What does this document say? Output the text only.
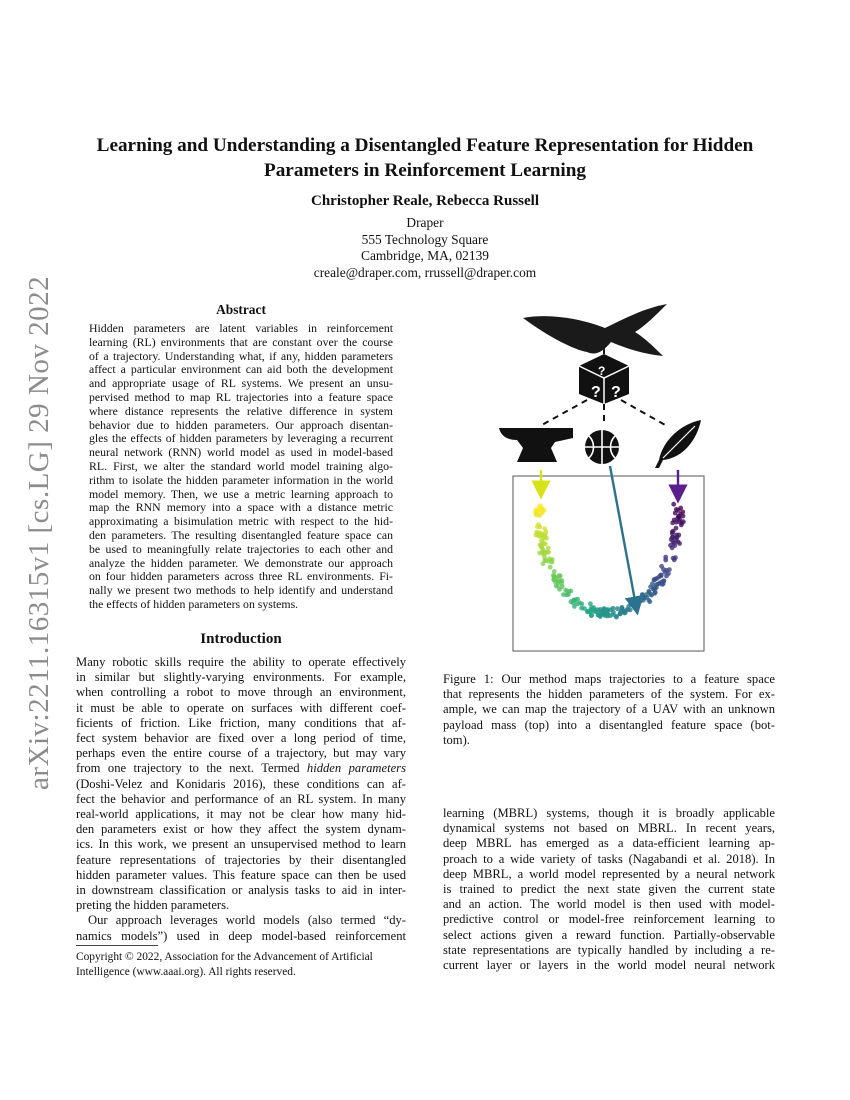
arXiv:2211.16315v1 [cs.LG] 29 Nov 2022
Learning and Understanding a Disentangled Feature Representation for Hidden
Parameters in Reinforcement Learning
Christopher Reale, Rebecca Russell
Draper
555 Technology Square
Cambridge, MA, 02139
creale@draper.com, rrussell@draper.com
Abstract
Hidden parameters are latent variables in reinforcement
learning (RL) environments that are constant over the course
of a trajectory. Understanding what, if any, hidden parameters
affect a particular environment can aid both the development
and appropriate usage of RL systems. We present an unsu-
pervised method to map RL trajectories into a feature space
where distance represents the relative difference in system
behavior due to hidden parameters. Our approach disentan-
gles the effects of hidden parameters by leveraging a recurrent
neural network (RNN) world model as used in model-based
RL. First, we alter the standard world model training algo-
rithm to isolate the hidden parameter information in the world
model memory. Then, we use a metric learning approach to
map the RNN memory into a space with a distance metric
approximating a bisimulation metric with respect to the hid-
den parameters. The resulting disentangled feature space can
be used to meaningfully relate trajectories to each other and
analyze the hidden parameter. We demonstrate our approach
on four hidden parameters across three RL environments. Fi-
nally we present two methods to help identify and understand
the effects of hidden parameters on systems.
Introduction
Many robotic skills require the ability to operate effectively
in similar but slightly-varying environments. For example,
when controlling a robot to move through an environment,
it must be able to operate on surfaces with different coef-
ficients of friction. Like friction, many conditions that af-
fect system behavior are fixed over a long period of time,
perhaps even the entire course of a trajectory, but may vary
from one trajectory to the next. Termed hidden parameters
(Doshi-Velez and Konidaris 2016), these conditions can af-
fect the behavior and performance of an RL system. In many
real-world applications, it may not be clear how many hid-
den parameters exist or how they affect the system dynam-
ics. In this work, we present an unsupervised method to learn
feature representations of trajectories by their disentangled
hidden parameter values. This feature space can then be used
in downstream classification or analysis tasks to aid in inter-
preting the hidden parameters.
Our approach leverages world models (also termed “dy-
namics models”) used in deep model-based reinforcement
Copyright © 2022, Association for the Advancement of Artificial
Intelligence (www.aaai.org). All rights reserved.
? ?
?
Figure 1: Our method maps trajectories to a feature space
that represents the hidden parameters of the system. For ex-
ample, we can map the trajectory of a UAV with an unknown
payload mass (top) into a disentangled feature space (bot-
tom).
learning (MBRL) systems, though it is broadly applicable
dynamical systems not based on MBRL. In recent years,
deep MBRL has emerged as a data-efficient learning ap-
proach to a wide variety of tasks (Nagabandi et al. 2018). In
deep MBRL, a world model represented by a neural network
is trained to predict the next state given the current state
and an action. The world model is then used with model-
predictive control or model-free reinforcement learning to
select actions given a reward function. Partially-observable
state representations are typically handled by including a re-
current layer or layers in the world model neural network
